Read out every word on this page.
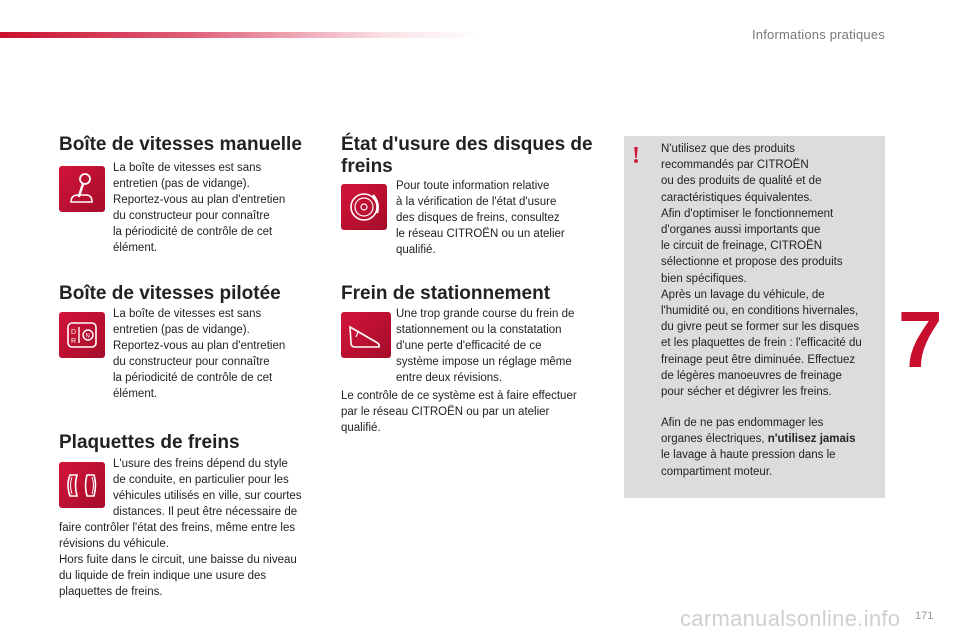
Informations pratiques
7
Boîte de vitesses manuelle

La boîte de vitesses est sans
entretien (pas de vidange).
Reportez-vous au plan d'entretien
du constructeur pour connaître
la périodicité de contrôle de cet
élément.

Boîte de vitesses pilotée
D
R
N

La boîte de vitesses est sans
entretien (pas de vidange).
Reportez-vous au plan d'entretien
du constructeur pour connaître
la périodicité de contrôle de cet
élément.

Plaquettes de freins

L'usure des freins dépend du style
de conduite, en particulier pour les
véhicules utilisés en ville, sur courtes
distances. Il peut être nécessaire de

faire contrôler l'état des freins, même entre les
révisions du véhicule.
Hors fuite dans le circuit, une baisse du niveau
du liquide de frein indique une usure des
plaquettes de freins.

État d'usure des disques de
freins

Pour toute information relative
à la vérification de l'état d'usure
des disques de freins, consultez
le réseau CITROËN ou un atelier
qualifié.

Frein de stationnement

Une trop grande course du frein de
stationnement ou la constatation
d'une perte d'efficacité de ce
système impose un réglage même
entre deux révisions.

Le contrôle de ce système est à faire effectuer
par le réseau CITROËN ou par un atelier
qualifié.

! N'utilisez que des produits
recommandés par CITROËN
ou des produits de qualité et de
caractéristiques équivalentes.
Afin d'optimiser le fonctionnement
d'organes aussi importants que
le circuit de freinage, CITROËN
sélectionne et propose des produits
bien spécifiques.
Après un lavage du véhicule, de
l'humidité ou, en conditions hivernales,
du givre peut se former sur les disques
et les plaquettes de frein : l'efficacité du
freinage peut être diminuée. Effectuez
de légères manoeuvres de freinage
pour sécher et dégivrer les freins.

Afin de ne pas endommager les
organes électriques, n'utilisez jamais
le lavage à haute pression dans le
compartiment moteur.

carmanualsonline.info 171
